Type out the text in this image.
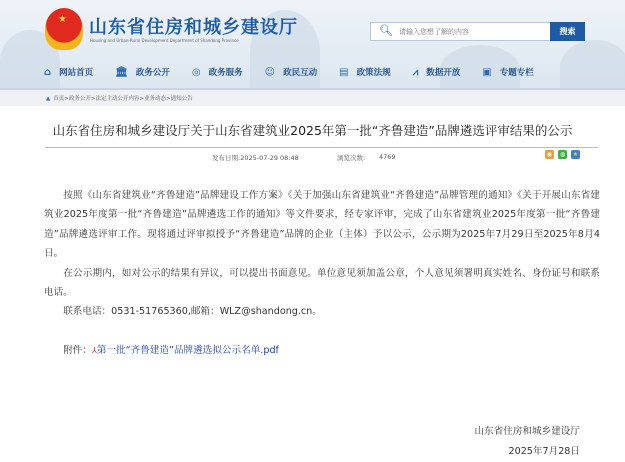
★ 山东省住房和城乡建设厅
Housing and Urban-Rural Development Department of Shandong Province
🔍︎
请输入您想了解的内容	搜索
⌂ 网站首页 🏛︎ 政务公开 ◎ 政务服务 ☺ 政民互动 ▤ 政策法规 ⩘ 数据开放 ▣ 专题专栏
▲ 首页>政务公开>法定主动公开内容>业务动态>通知公告
山东省住房和城乡建设厅关于山东省建筑业2025年第一批“齐鲁建造”品牌遴选评审结果的公示
发布日期:2025-07-29 08:48	浏览次数: 4769	◉	◍	★

按照《山东省建筑业“齐鲁建造”品牌建设工作方案》《关于加强山东省建筑业“齐鲁建造”品牌管理的通知》《关于开展山东省建筑业2025年度第一批“齐鲁建造”品牌遴选工作的通知》等文件要求，经专家评审，完成了山东省建筑业2025年度第一批“齐鲁建造”品牌遴选评审工作。现将通过评审拟授予“齐鲁建造”品牌的企业（主体）予以公示，公示期为2025年7月29日至2025年8月4日。

在公示期内，如对公示的结果有异议，可以提出书面意见。单位意见须加盖公章，个人意见须署明真实姓名、身份证号和联系电话。

联系电话：0531-51765360,邮箱：WLZ@shandong.cn。

附件：⅄第一批“齐鲁建造”品牌遴选拟公示名单.pdf
山东省住房和城乡建设厅
2025年7月28日
